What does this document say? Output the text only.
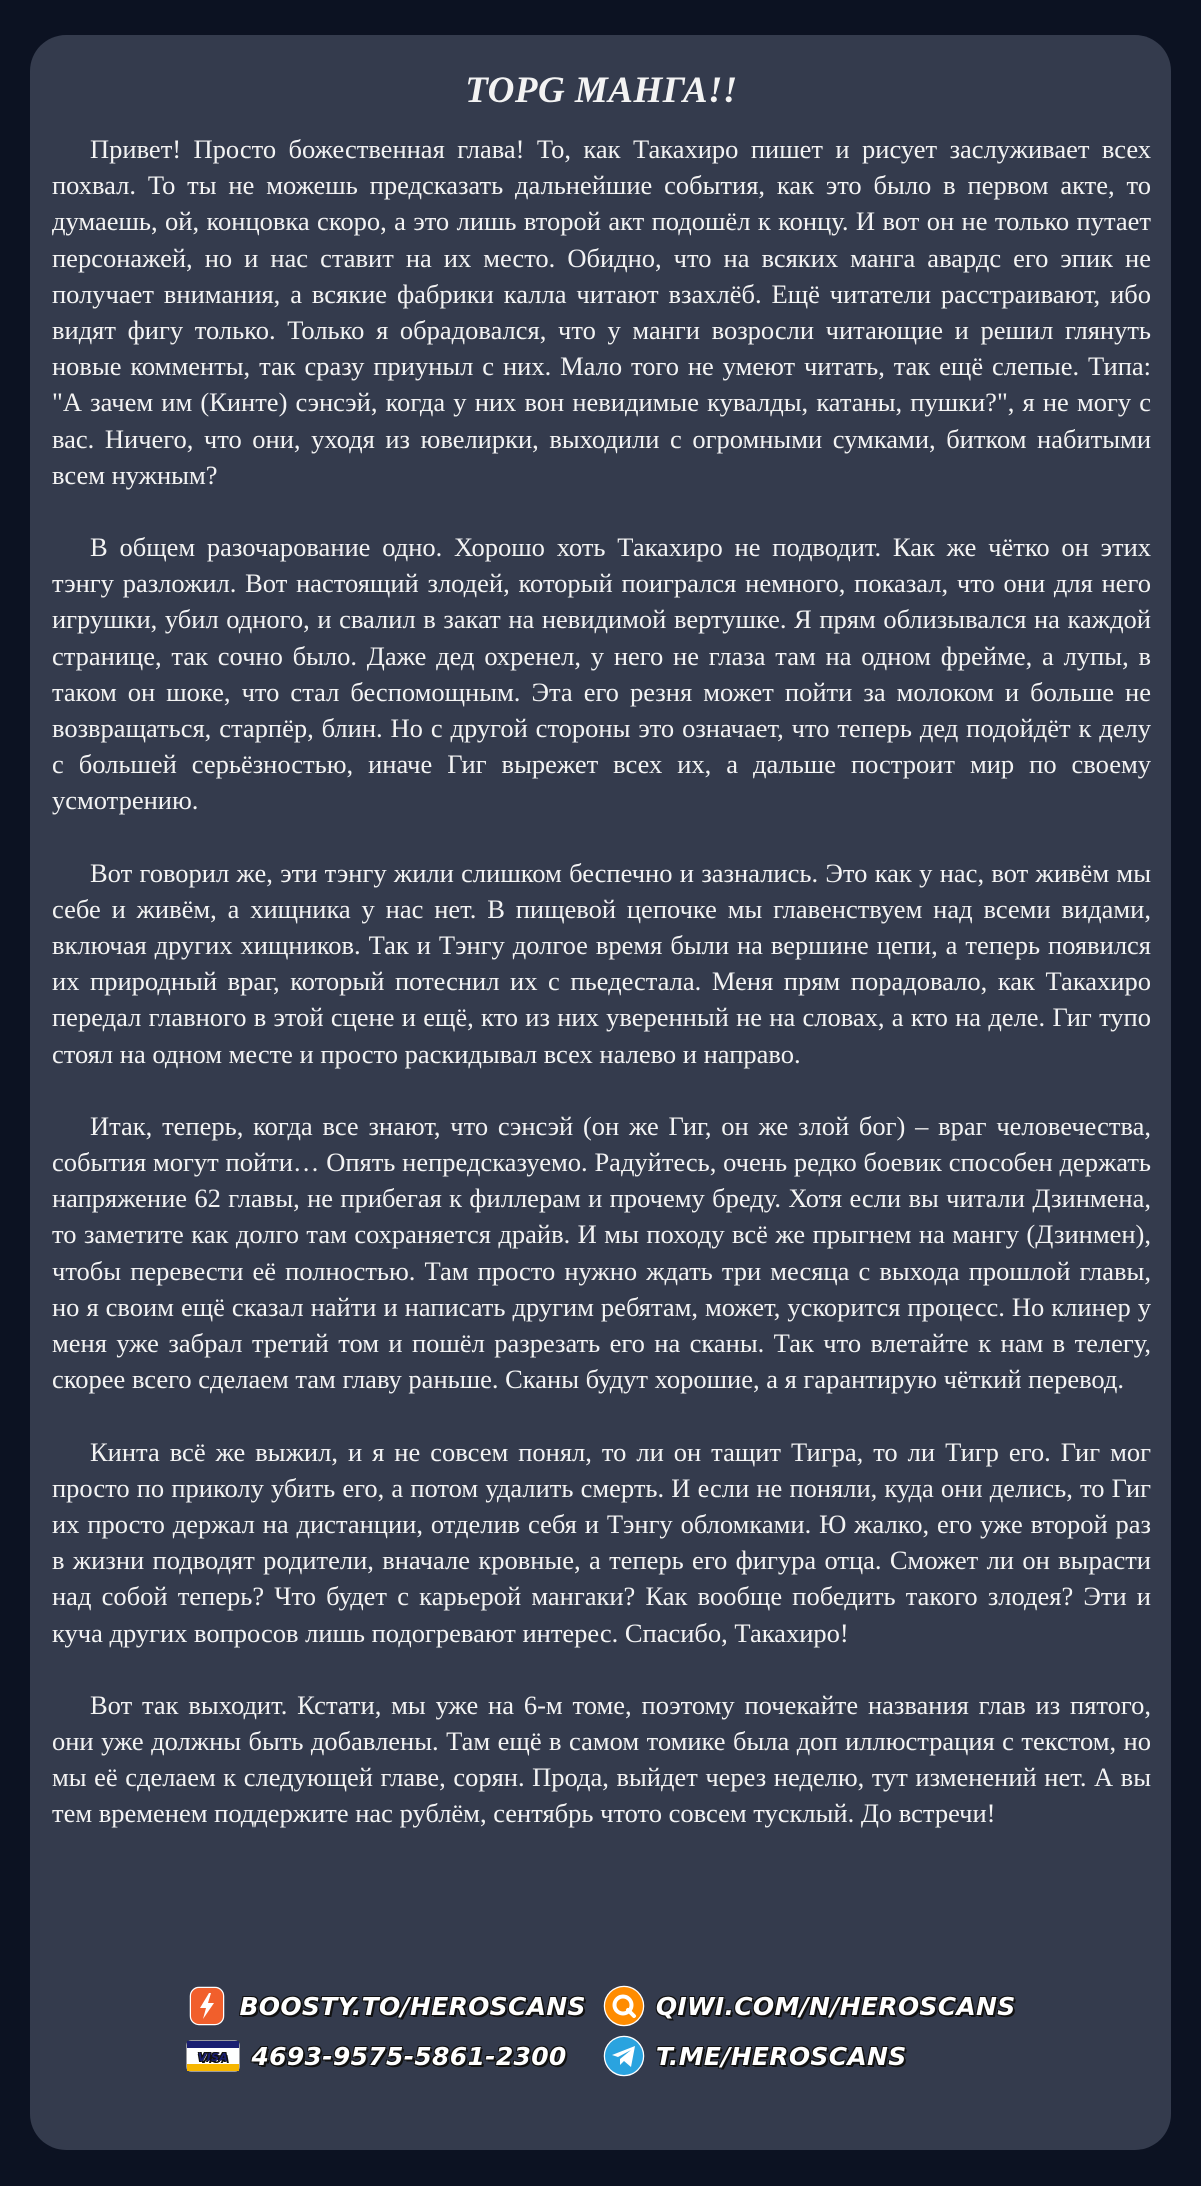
TOPG МАНГА!!

Привет! Просто божественная глава! То, как Такахиро пишет и рисует заслуживает всех похвал. То ты не можешь предсказать дальнейшие события, как это было в первом акте, то думаешь, ой, концовка скоро, а это лишь второй акт подошёл к концу. И вот он не только путает персонажей, но и нас ставит на их место. Обидно, что на всяких манга авардс его эпик не получает внимания, а всякие фабрики калла читают взахлёб. Ещё читатели расстраивают, ибо видят фигу только. Только я обрадовался, что у манги возросли читающие и решил глянуть новые комменты, так сразу приуныл с них. Мало того не умеют читать, так ещё слепые. Типа: "А зачем им (Кинте) сэнсэй, когда у них вон невидимые кувалды, катаны, пушки?", я не могу с вас. Ничего, что они, уходя из ювелирки, выходили с огромными сумками, битком набитыми всем нужным?

В общем разочарование одно. Хорошо хоть Такахиро не подводит. Как же чётко он этих тэнгу разложил. Вот настоящий злодей, который поигрался немного, показал, что они для него игрушки, убил одного, и свалил в закат на невидимой вертушке. Я прям облизывался на каждой странице, так сочно было. Даже дед охренел, у него не глаза там на одном фрейме, а лупы, в таком он шоке, что стал беспомощным. Эта его резня может пойти за молоком и больше не возвращаться, старпёр, блин. Но с другой стороны это означает, что теперь дед подойдёт к делу с большей серьёзностью, иначе Гиг вырежет всех их, а дальше построит мир по своему усмотрению.

Вот говорил же, эти тэнгу жили слишком беспечно и зазнались. Это как у нас, вот живём мы себе и живём, а хищника у нас нет. В пищевой цепочке мы главенствуем над всеми видами, включая других хищников. Так и Тэнгу долгое время были на вершине цепи, а теперь появился их природный враг, который потеснил их с пьедестала. Меня прям порадовало, как Такахиро передал главного в этой сцене и ещё, кто из них уверенный не на словах, а кто на деле. Гиг тупо стоял на одном месте и просто раскидывал всех налево и направо.

Итак, теперь, когда все знают, что сэнсэй (он же Гиг, он же злой бог) – враг человечества, события могут пойти… Опять непредсказуемо. Радуйтесь, очень редко боевик способен держать напряжение 62 главы, не прибегая к филлерам и прочему бреду. Хотя если вы читали Дзинмена, то заметите как долго там сохраняется драйв. И мы походу всё же прыгнем на мангу (Дзинмен), чтобы перевести её полностью. Там просто нужно ждать три месяца с выхода прошлой главы, но я своим ещё сказал найти и написать другим ребятам, может, ускорится процесс. Но клинер у меня уже забрал третий том и пошёл разрезать его на сканы. Так что влетайте к нам в телегу, скорее всего сделаем там главу раньше. Сканы будут хорошие, а я гарантирую чёткий перевод.

Кинта всё же выжил, и я не совсем понял, то ли он тащит Тигра, то ли Тигр его. Гиг мог просто по приколу убить его, а потом удалить смерть. И если не поняли, куда они делись, то Гиг их просто держал на дистанции, отделив себя и Тэнгу обломками. Ю жалко, его уже второй раз в жизни подводят родители, вначале кровные, а теперь его фигура отца. Сможет ли он вырасти над собой теперь? Что будет с карьерой мангаки? Как вообще победить такого злодея? Эти и куча других вопросов лишь подогревают интерес. Спасибо, Такахиро!

Вот так выходит. Кстати, мы уже на 6-м томе, поэтому почекайте названия глав из пятого, они уже должны быть добавлены. Там ещё в самом томике была доп иллюстрация с текстом, но мы её сделаем к следующей главе, сорян. Прода, выйдет через неделю, тут изменений нет. А вы тем временем поддержите нас рублём, сентябрь чтото совсем тусклый. До встречи!

BOOSTY.TO/HEROSCANS	QIWI.COM/N/HEROSCANS
VISA 4693-9575-5861-2300	T.ME/HEROSCANS
